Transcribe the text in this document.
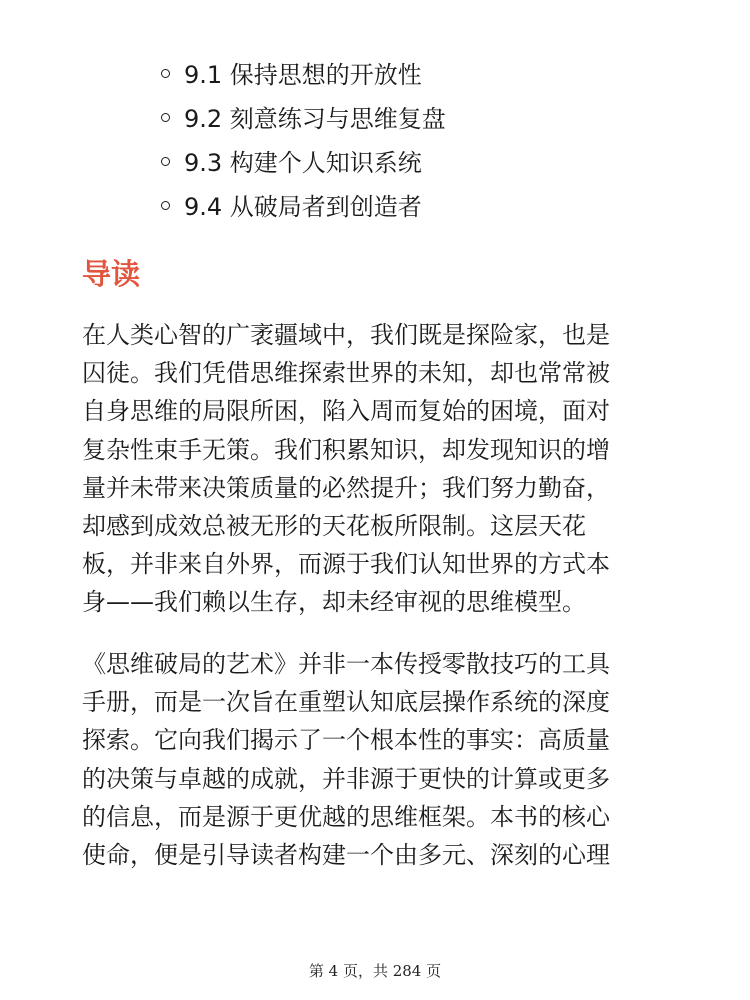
9.1 保持思想的开放性
9.2 刻意练习与思维复盘
9.3 构建个人知识系统
9.4 从破局者到创造者
导读

在人类心智的广袤疆域中，我们既是探险家，也是
囚徒。我们凭借思维探索世界的未知，却也常常被
自身思维的局限所困，陷入周而复始的困境，面对
复杂性束手无策。我们积累知识，却发现知识的增
量并未带来决策质量的必然提升；我们努力勤奋，
却感到成效总被无形的天花板所限制。这层天花
板，并非来自外界，而源于我们认知世界的方式本
身——我们赖以生存，却未经审视的思维模型。

《思维破局的艺术》并非一本传授零散技巧的工具
手册，而是一次旨在重塑认知底层操作系统的深度
探索。它向我们揭示了一个根本性的事实：高质量
的决策与卓越的成就，并非源于更快的计算或更多
的信息，而是源于更优越的思维框架。本书的核心
使命，便是引导读者构建一个由多元、深刻的心理

第 4 页，共 284 页
